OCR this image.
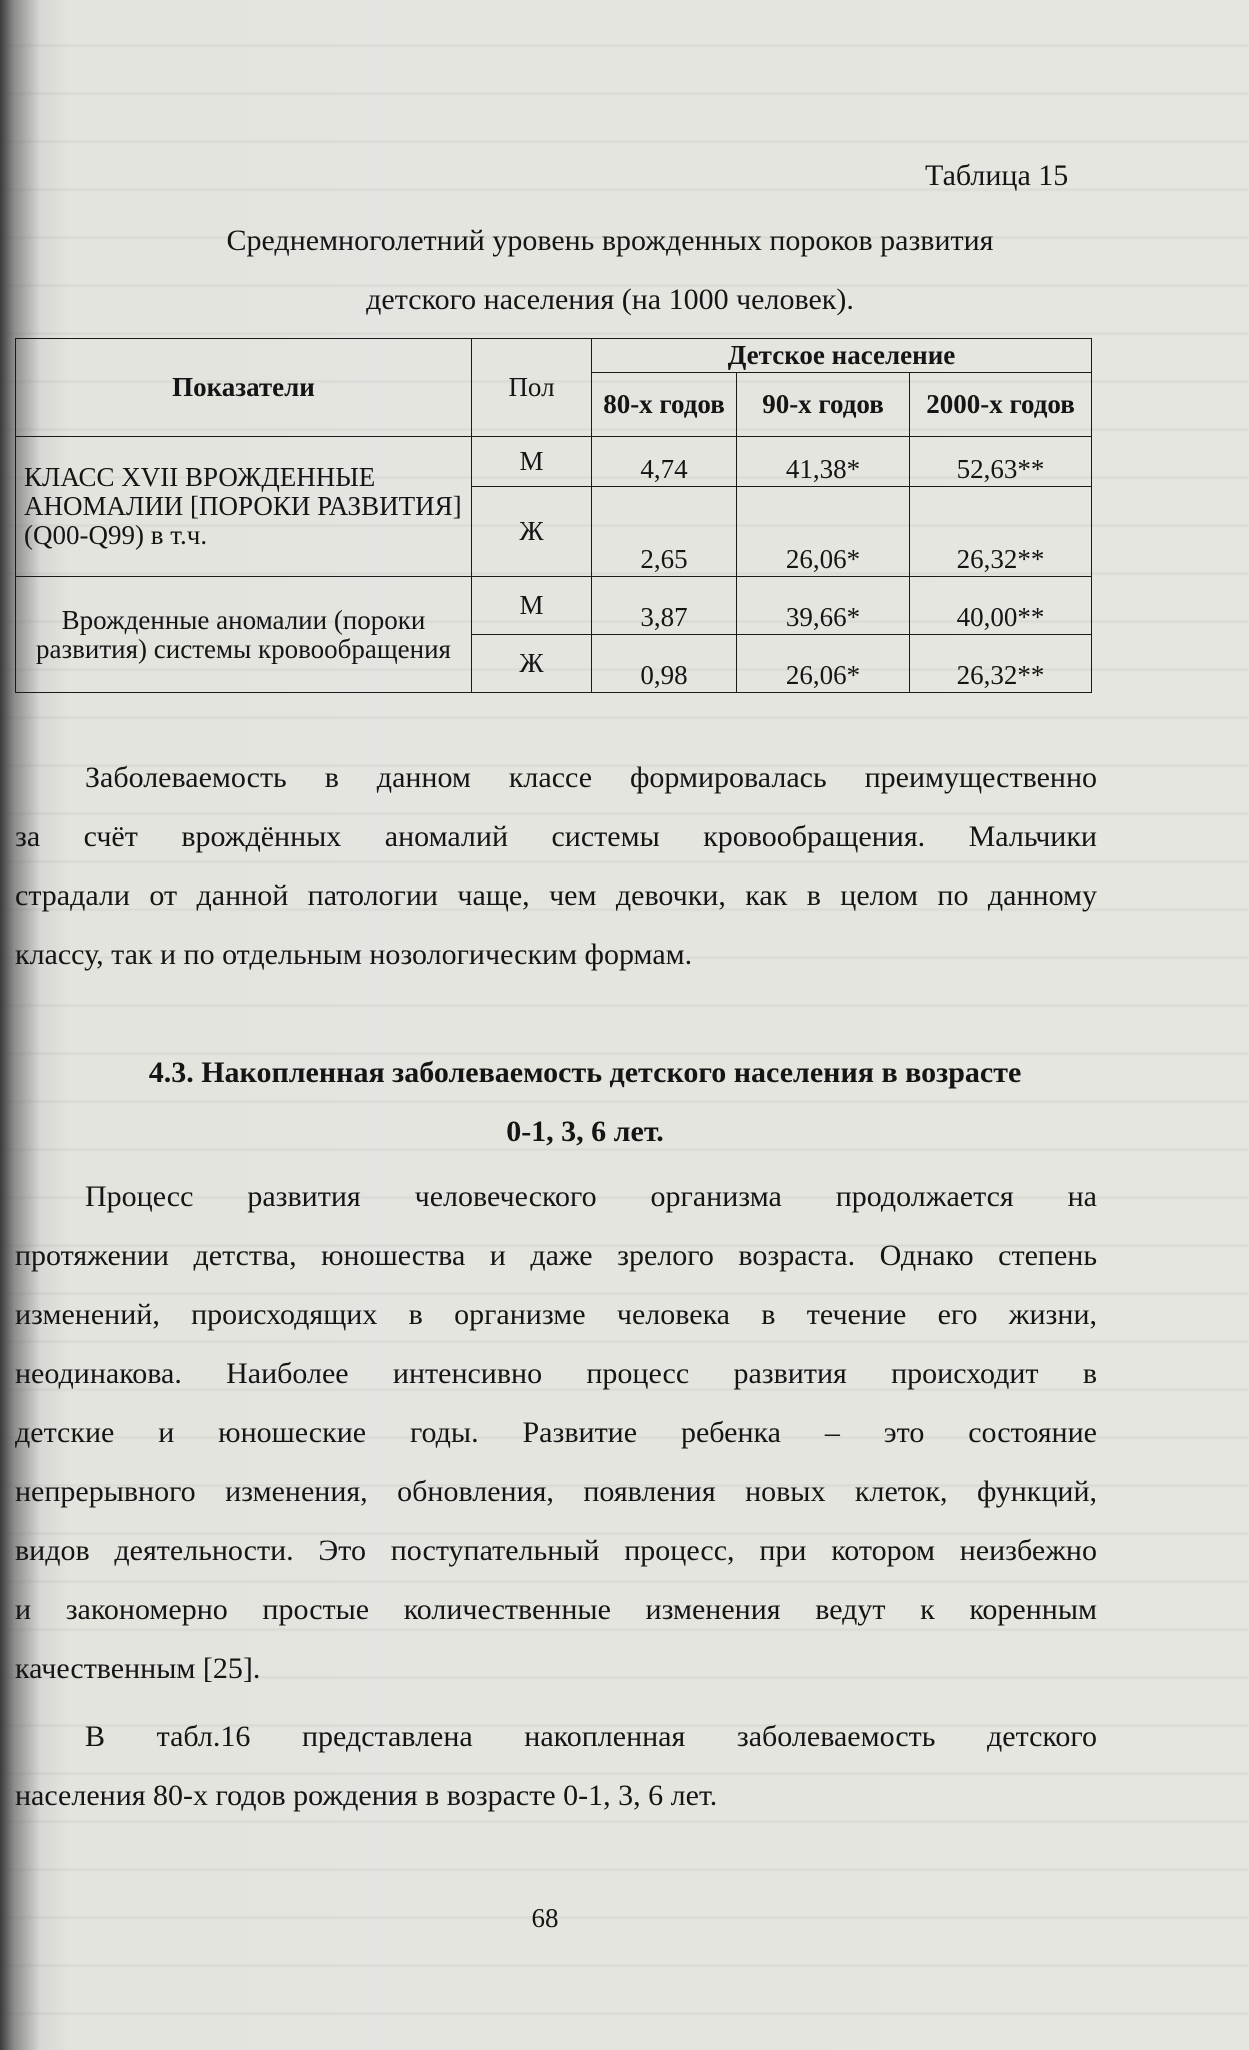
Таблица 15
Среднемноголетний уровень врожденных пороков развития
детского населения (на 1000 человек).
Показатели	Пол	Детское население		
		80-х годов	90-х годов	2000-х годов
КЛАСС XVII ВРОЖДЕННЫЕ АНОМАЛИИ [ПОРОКИ РАЗВИТИЯ] (Q00-Q99) в т.ч.	М	4,74	41,38*	52,63**
	Ж	2,65	26,06*	26,32**
Врожденные аномалии (пороки развития) системы кровообращения	М	3,87	39,66*	40,00**
	Ж	0,98	26,06*	26,32**

Заболеваемость в данном классе формировалась преимущественно

за счёт врождённых аномалий системы кровообращения. Мальчики

страдали от данной патологии чаще, чем девочки, как в целом по данному

классу, так и по отдельным нозологическим формам.

4.3. Накопленная заболеваемость детского населения в возрасте
0-1, 3, 6 лет.

Процесс развития человеческого организма продолжается на

протяжении детства, юношества и даже зрелого возраста. Однако степень

изменений, происходящих в организме человека в течение его жизни,

неодинакова. Наиболее интенсивно процесс развития происходит в

детские и юношеские годы. Развитие ребенка – это состояние

непрерывного изменения, обновления, появления новых клеток, функций,

видов деятельности. Это поступательный процесс, при котором неизбежно

и закономерно простые количественные изменения ведут к коренным

качественным [25].

В табл.16 представлена накопленная заболеваемость детского

населения 80-х годов рождения в возрасте 0-1, 3, 6 лет.

68
